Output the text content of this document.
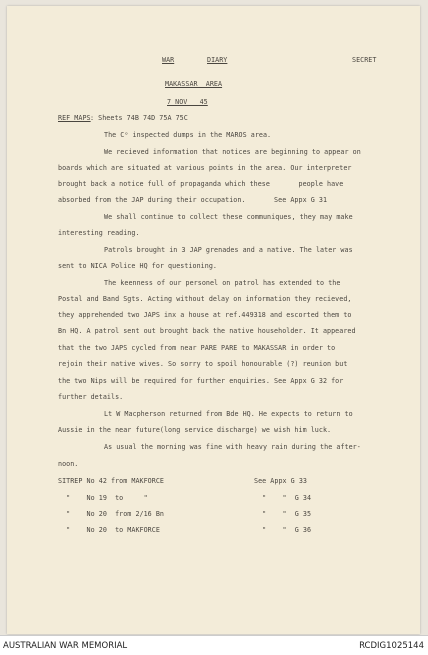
WAR	DIARY	SECRET
MAKASSAR  AREA
7 NOV   45
REF MAPS : Sheets 74B 74D 75A 75C
The Cᵒ inspected dumps in the MAROS area.
We recieved information that notices are beginning to appear on
boards which are situated at various points in the area. Our interpreter
brought back a notice full of propaganda which these       people have
absorbed from the JAP during their occupation.       See Appx G 31
We shall continue to collect these communiques, they may make
interesting reading.
Patrols brought in 3 JAP grenades and a native. The later was
sent to NICA Police HQ for questioning.
The keenness of our personel on patrol has extended to the
Postal and Band Sgts. Acting without delay on information they recieved,
they apprehended two JAPS inx a house at ref.449318 and escorted them to
Bn HQ. A patrol sent out brought back the native householder. It appeared
that the two JAPS cycled from near PARE PARE to MAKASSAR in order to
rejoin their native wives. So sorry to spoil honourable (?) reunion but
the two Nips will be required for further enquiries. See Appx G 32 for
further details.
Lt W Macpherson returned from Bde HQ. He expects to return to
Aussie in the near future(long service discharge) we wish him luck.
As usual the morning was fine with heavy rain during the after-
noon.
SITREP No 42 from MAKFORCE	See Appx G 33
"    No 19  to     "	"    "  G 34
"    No 20  from 2/16 Bn	"    "  G 35
"    No 20  to MAKFORCE	"    "  G 36
AUSTRALIAN WAR MEMORIAL	RCDIG1025144
